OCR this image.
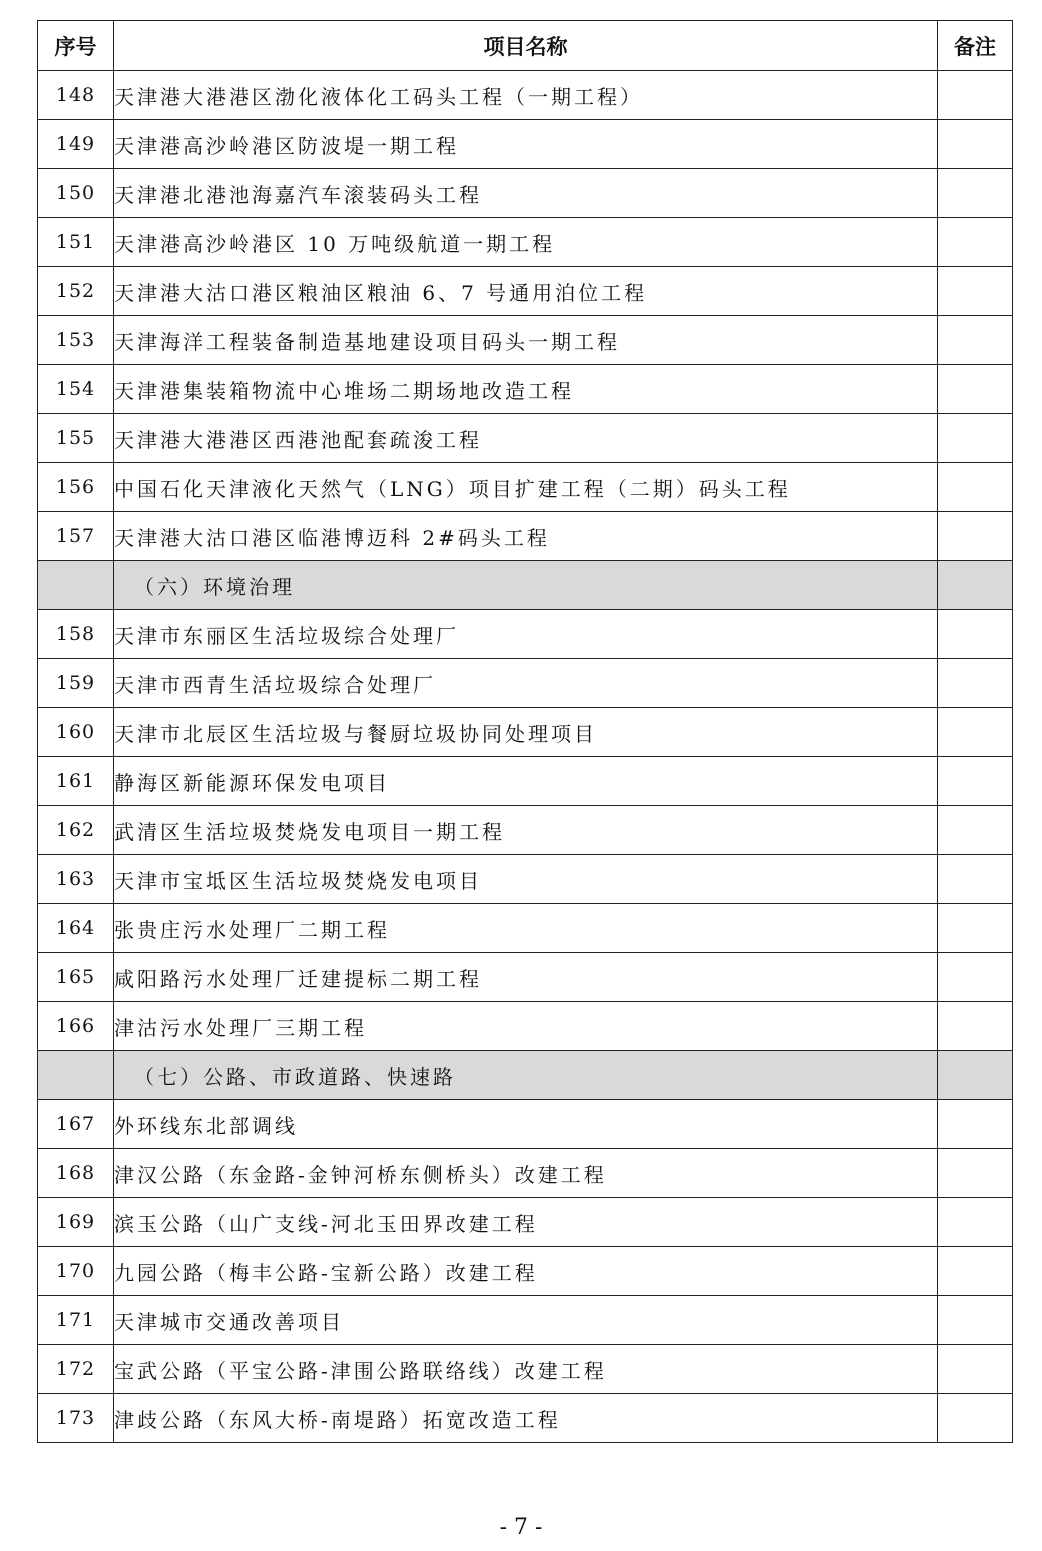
序号	项目名称	备注
148	天津港大港港区渤化液体化工码头工程（一期工程）	
149	天津港高沙岭港区防波堤一期工程	
150	天津港北港池海嘉汽车滚装码头工程	
151	天津港高沙岭港区 10 万吨级航道一期工程	
152	天津港大沽口港区粮油区粮油 6、7 号通用泊位工程	
153	天津海洋工程装备制造基地建设项目码头一期工程	
154	天津港集装箱物流中心堆场二期场地改造工程	
155	天津港大港港区西港池配套疏浚工程	
156	中国石化天津液化天然气（LNG）项目扩建工程（二期）码头工程	
157	天津港大沽口港区临港博迈科 2#码头工程	
	（六）环境治理	
158	天津市东丽区生活垃圾综合处理厂	
159	天津市西青生活垃圾综合处理厂	
160	天津市北辰区生活垃圾与餐厨垃圾协同处理项目	
161	静海区新能源环保发电项目	
162	武清区生活垃圾焚烧发电项目一期工程	
163	天津市宝坻区生活垃圾焚烧发电项目	
164	张贵庄污水处理厂二期工程	
165	咸阳路污水处理厂迁建提标二期工程	
166	津沽污水处理厂三期工程	
	（七）公路、市政道路、快速路	
167	外环线东北部调线	
168	津汉公路（东金路-金钟河桥东侧桥头）改建工程	
169	滨玉公路（山广支线-河北玉田界改建工程	
170	九园公路（梅丰公路-宝新公路）改建工程	
171	天津城市交通改善项目	
172	宝武公路（平宝公路-津围公路联络线）改建工程	
173	津歧公路（东风大桥-南堤路）拓宽改造工程	
- 7 -
